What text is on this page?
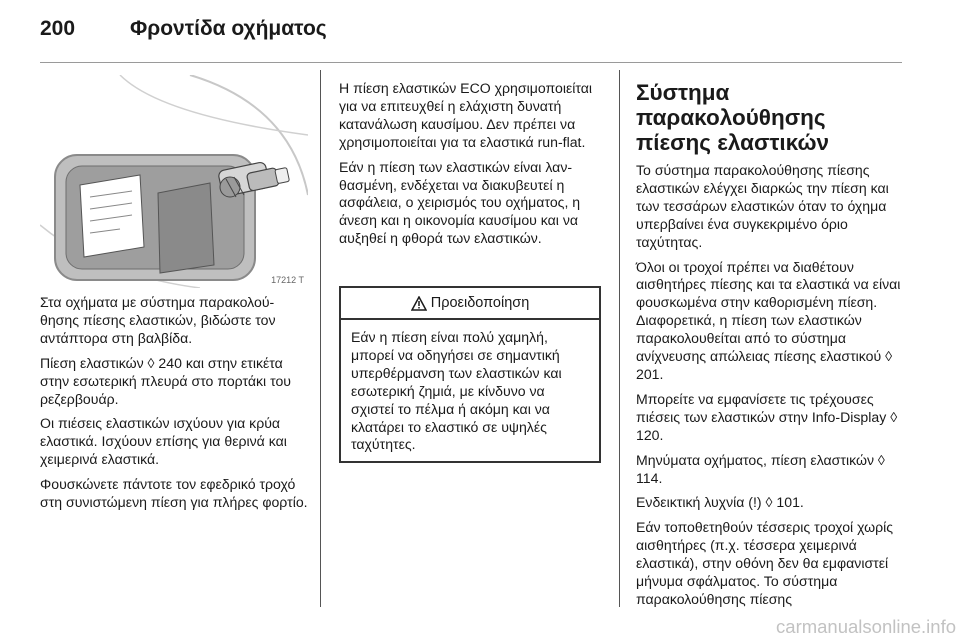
200	Φροντίδα οχήματος
17212 T

Στα οχήματα με σύστημα παρακολούθησης πίεσης ελαστικών, βιδώστε τον αντάπτορα στη βαλβίδα.

Πίεση ελαστικών ◊ 240 και στην ετικέτα στην εσωτερική πλευρά στο πορτάκι του ρεζερβουάρ.

Οι πιέσεις ελαστικών ισχύουν για κρύα ελαστικά. Ισχύουν επίσης για θερινά και χειμερινά ελαστικά.

Φουσκώνετε πάντοτε τον εφεδρικό τροχό στη συνιστώμενη πίεση για πλήρες φορτίο.

Η πίεση ελαστικών ECO χρησιμοποιείται για να επιτευχθεί η ελάχιστη δυνατή κατανάλωση καυσίμου. Δεν πρέπει να χρησιμοποιείται για τα ελαστικά run-flat.

Εάν η πίεση των ελαστικών είναι λανθασμένη, ενδέχεται να διακυβευτεί η ασφάλεια, ο χειρισμός του οχήματος, η άνεση και η οικονομία καυσίμου και να αυξηθεί η φθορά των ελαστικών.

Προειδοποίηση
Εάν η πίεση είναι πολύ χαμηλή, μπορεί να οδηγήσει σε σημαντική υπερθέρμανση των ελαστικών και εσωτερική ζημιά, με κίνδυνο να σχιστεί το πέλμα ή ακόμη και να κλατάρει το ελαστικό σε υψηλές ταχύτητες.
Σύστημα παρακολούθησης πίεσης ελαστικών

Το σύστημα παρακολούθησης πίεσης ελαστικών ελέγχει διαρκώς την πίεση και των τεσσάρων ελαστικών όταν το όχημα υπερβαίνει ένα συγκεκριμένο όριο ταχύτητας.

Όλοι οι τροχοί πρέπει να διαθέτουν αισθητήρες πίεσης και τα ελαστικά να είναι φουσκωμένα στην καθορισμένη πίεση. Διαφορετικά, η πίεση των ελαστικών παρακολουθείται από το σύστημα ανίχνευσης απώλειας πίεσης ελαστικού ◊ 201.

Μπορείτε να εμφανίσετε τις τρέχουσες πιέσεις των ελαστικών στην Info-Display ◊ 120.

Μηνύματα οχήματος, πίεση ελαστικών ◊ 114.

Ενδεικτική λυχνία (!) ◊ 101.

Εάν τοποθετηθούν τέσσερις τροχοί χωρίς αισθητήρες (π.χ. τέσσερα χειμερινά ελαστικά), στην οθόνη δεν θα εμφανιστεί μήνυμα σφάλματος. Το σύστημα παρακολούθησης πίεσης

carmanualsonline.info
